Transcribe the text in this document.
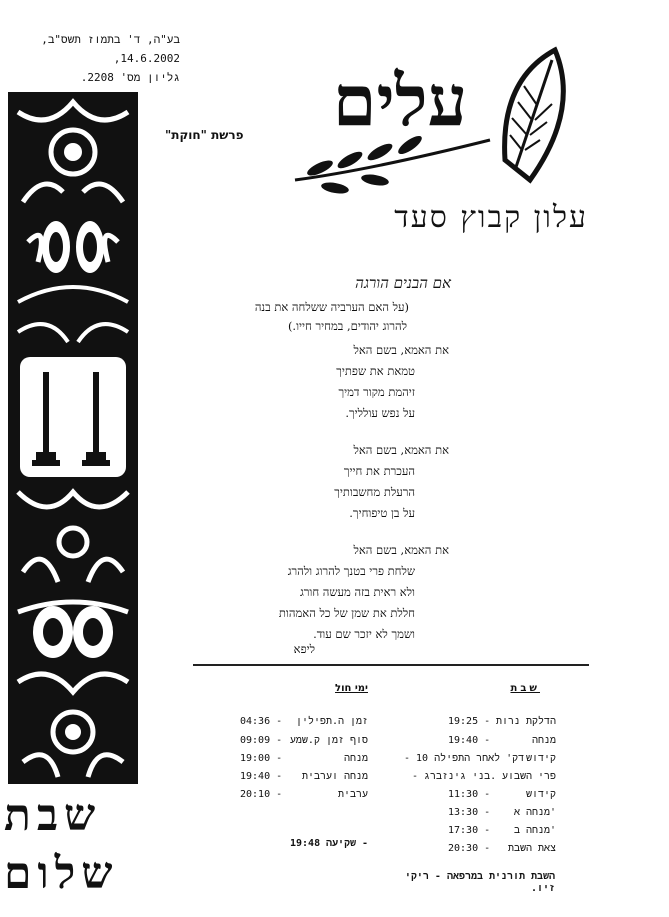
בע"ה, ד' בתמוז תשס"ב,
14.6.2002,
גליון מס' 2208. עלים
פרשת "חוקת"
עלון קבוץ סעד
אם הבנים הורגה
(על האם הערביה ששלחה את בנה
להרוג יהודים, במחיר חייו.)
את האמא, בשם האל
טמאת את שפתיך
זיהמת מקור דמיך
על נפש עולליך.
את האמא, בשם האל
העכרת את חייך
הרעלת מחשבותיך
על בן טיפוחיך.
את האמא, בשם האל
שלחת פרי בטנך להרוג ולהרג
ולא ראית בזה מעשה חורג
חללת את שמן של כל האמהות
ושמך לא יזכר שם עוד.
ליפא
ימי חול	שבת
זמן ה.תפילין
04:36 -
סוף זמן ק.שמע
09:09 -
מנחה
19:00 -
מנחה וערבית
19:40 -
ערבית
20:10 -
הדלקת נרות
19:25 -
מנחה
19:40 -
קידוש
- 10 דק' לאחר התפילה
פרי השבוע
- בני גינזברג.
קידוש
11:30 -
מנחה א'
13:30 -
מנחה ב'
17:30 -
צאת השבת
20:30 -
שקיעה -
19:48
השבת תורנית במרפאה - ריקי זיו.
שבת
שלום
